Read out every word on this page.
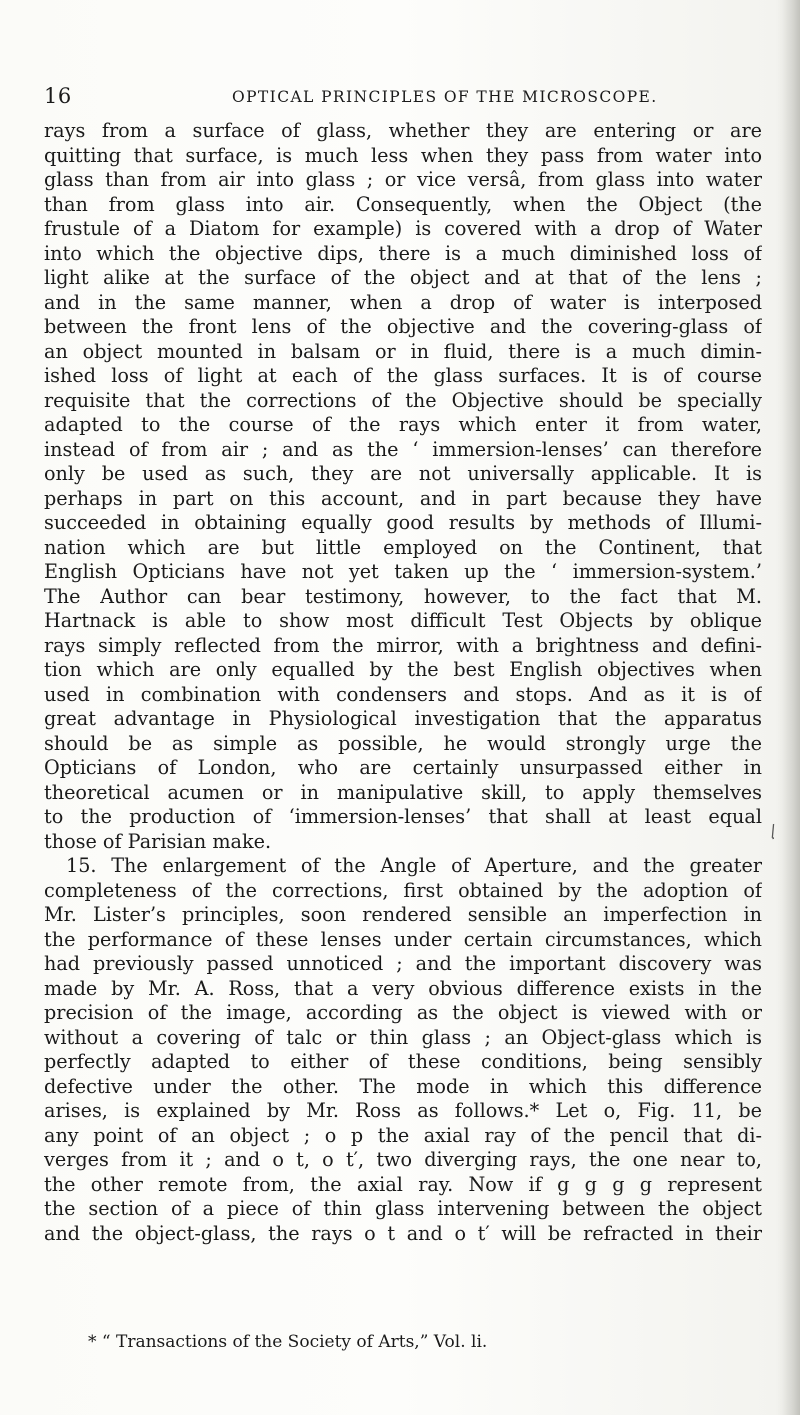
16	OPTICAL PRINCIPLES OF THE MICROSCOPE.
rays from a surface of glass, whether they are entering or are
quitting that surface, is much less when they pass from water into
glass than from air into glass ; or vice versâ, from glass into water
than from glass into air. Consequently, when the Object (the
frustule of a Diatom for example) is covered with a drop of Water
into which the objective dips, there is a much diminished loss of
light alike at the surface of the object and at that of the lens ;
and in the same manner, when a drop of water is interposed
between the front lens of the objective and the covering-glass of
an object mounted in balsam or in fluid, there is a much dimin-
ished loss of light at each of the glass surfaces. It is of course
requisite that the corrections of the Objective should be specially
adapted to the course of the rays which enter it from water,
instead of from air ; and as the ‘ immersion-lenses’ can therefore
only be used as such, they are not universally applicable. It is
perhaps in part on this account, and in part because they have
succeeded in obtaining equally good results by methods of Illumi-
nation which are but little employed on the Continent, that
English Opticians have not yet taken up the ‘ immersion-system.’
The Author can bear testimony, however, to the fact that M.
Hartnack is able to show most difficult Test Objects by oblique
rays simply reflected from the mirror, with a brightness and defini-
tion which are only equalled by the best English objectives when
used in combination with condensers and stops. And as it is of
great advantage in Physiological investigation that the apparatus
should be as simple as possible, he would strongly urge the
Opticians of London, who are certainly unsurpassed either in
theoretical acumen or in manipulative skill, to apply themselves
to the production of ‘immersion-lenses’ that shall at least equal
those of Parisian make.
15. The enlargement of the Angle of Aperture, and the greater
completeness of the corrections, first obtained by the adoption of
Mr. Lister’s principles, soon rendered sensible an imperfection in
the performance of these lenses under certain circumstances, which
had previously passed unnoticed ; and the important discovery was
made by Mr. A. Ross, that a very obvious difference exists in the
precision of the image, according as the object is viewed with or
without a covering of talc or thin glass ; an Object-glass which is
perfectly adapted to either of these conditions, being sensibly
defective under the other. The mode in which this difference
arises, is explained by Mr. Ross as follows.* Let o, Fig. 11, be
any point of an object ; o p the axial ray of the pencil that di-
verges from it ; and o t, o t′, two diverging rays, the one near to,
the other remote from, the axial ray. Now if g g g g represent
the section of a piece of thin glass intervening between the object
and the object-glass, the rays o t and o t′ will be refracted in their
/̣
* “ Transactions of the Society of Arts,” Vol. li.
